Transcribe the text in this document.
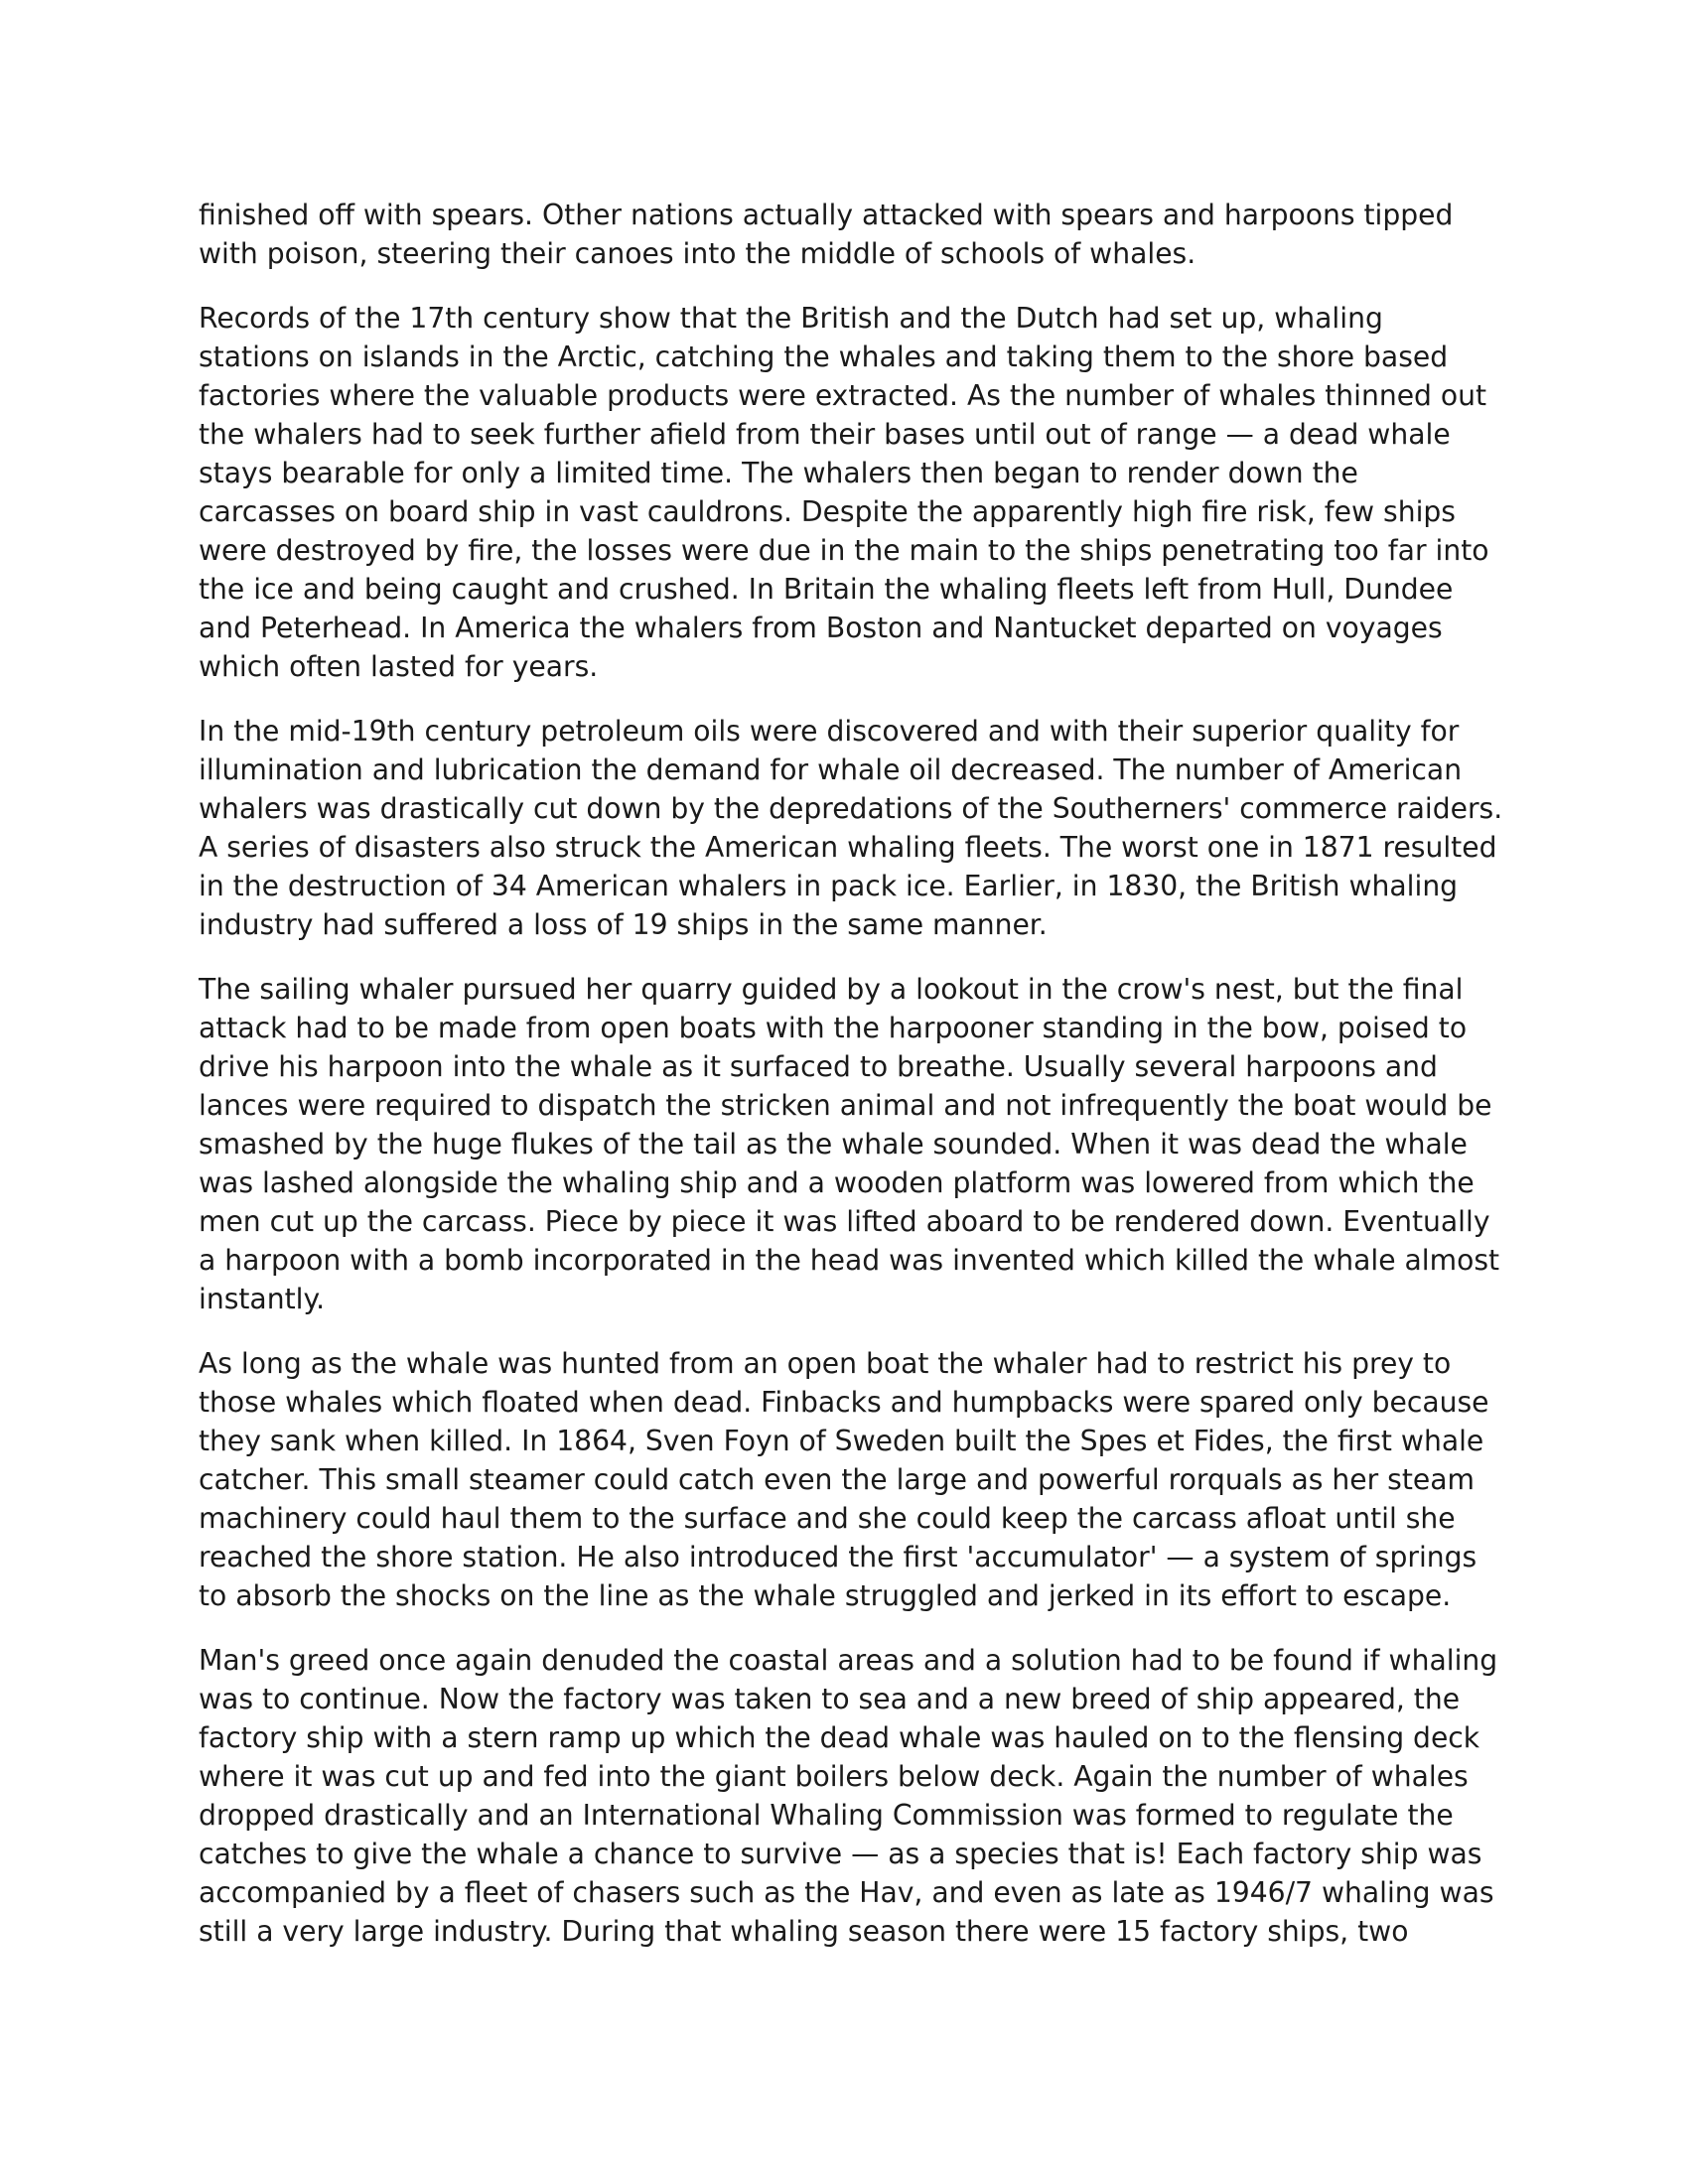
finished off with spears. Other nations actually attacked with spears and harpoons tipped
with poison, steering their canoes into the middle of schools of whales.

Records of the 17th century show that the British and the Dutch had set up, whaling
stations on islands in the Arctic, catching the whales and taking them to the shore based
factories where the valuable products were extracted. As the number of whales thinned out
the whalers had to seek further afield from their bases until out of range — a dead whale
stays bearable for only a limited time. The whalers then began to render down the
carcasses on board ship in vast cauldrons. Despite the apparently high fire risk, few ships
were destroyed by fire, the losses were due in the main to the ships penetrating too far into
the ice and being caught and crushed. In Britain the whaling fleets left from Hull, Dundee
and Peterhead. In America the whalers from Boston and Nantucket departed on voyages
which often lasted for years.

In the mid-19th century petroleum oils were discovered and with their superior quality for
illumination and lubrication the demand for whale oil decreased. The number of American
whalers was drastically cut down by the depredations of the Southerners' commerce raiders.
A series of disasters also struck the American whaling fleets. The worst one in 1871 resulted
in the destruction of 34 American whalers in pack ice. Earlier, in 1830, the British whaling
industry had suffered a loss of 19 ships in the same manner.

The sailing whaler pursued her quarry guided by a lookout in the crow's nest, but the final
attack had to be made from open boats with the harpooner standing in the bow, poised to
drive his harpoon into the whale as it surfaced to breathe. Usually several harpoons and
lances were required to dispatch the stricken animal and not infrequently the boat would be
smashed by the huge flukes of the tail as the whale sounded. When it was dead the whale
was lashed alongside the whaling ship and a wooden platform was lowered from which the
men cut up the carcass. Piece by piece it was lifted aboard to be rendered down. Eventually
a harpoon with a bomb incorporated in the head was invented which killed the whale almost
instantly.

As long as the whale was hunted from an open boat the whaler had to restrict his prey to
those whales which floated when dead. Finbacks and humpbacks were spared only because
they sank when killed. In 1864, Sven Foyn of Sweden built the Spes et Fides, the first whale
catcher. This small steamer could catch even the large and powerful rorquals as her steam
machinery could haul them to the surface and she could keep the carcass afloat until she
reached the shore station. He also introduced the first 'accumulator' — a system of springs
to absorb the shocks on the line as the whale struggled and jerked in its effort to escape.

Man's greed once again denuded the coastal areas and a solution had to be found if whaling
was to continue. Now the factory was taken to sea and a new breed of ship appeared, the
factory ship with a stern ramp up which the dead whale was hauled on to the flensing deck
where it was cut up and fed into the giant boilers below deck. Again the number of whales
dropped drastically and an International Whaling Commission was formed to regulate the
catches to give the whale a chance to survive — as a species that is! Each factory ship was
accompanied by a fleet of chasers such as the Hav, and even as late as 1946/7 whaling was
still a very large industry. During that whaling season there were 15 factory ships, two
